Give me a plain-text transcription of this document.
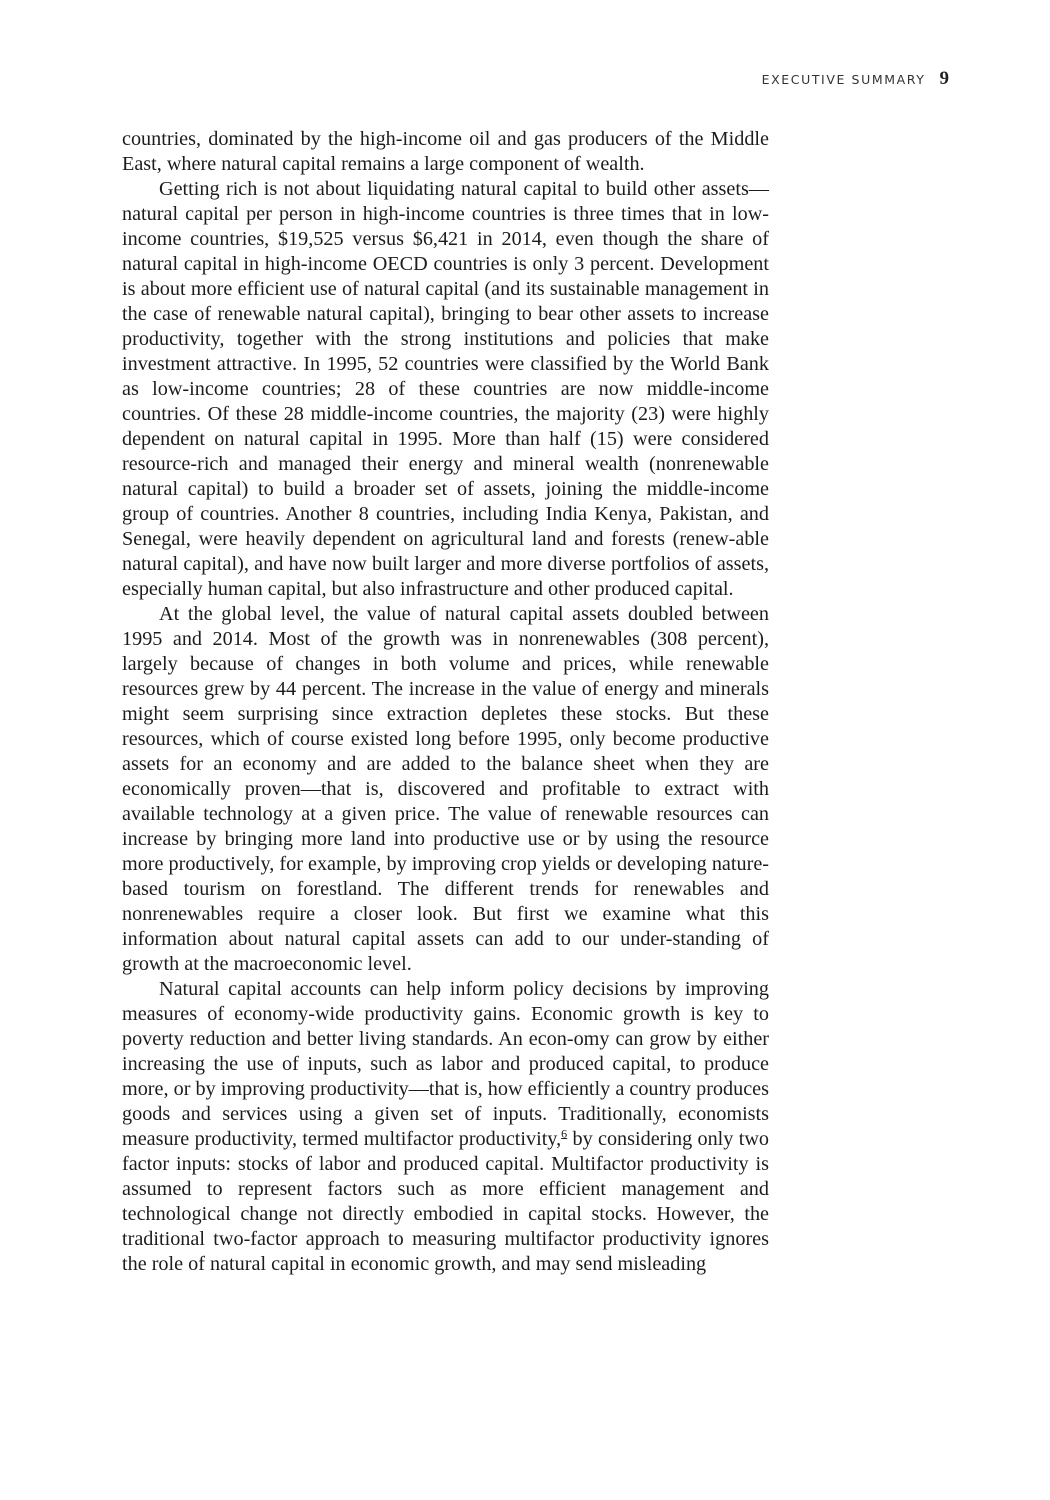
EXECUTIVE SUMMARY 9

countries, dominated by the high-income oil and gas producers of the Middle East, where natural capital remains a large component of wealth.

Getting rich is not about liquidating natural capital to build other assets—natural capital per person in high-income countries is three times that in low-income countries, $19,525 versus $6,421 in 2014, even though the share of natural capital in high-income OECD countries is only 3 percent. Development is about more efficient use of natural capital (and its sustainable management in the case of renewable natural capital), bringing to bear other assets to increase productivity, together with the strong institutions and policies that make investment attractive. In 1995, 52 countries were classified by the World Bank as low-income countries; 28 of these countries are now middle-income countries. Of these 28 middle-income countries, the majority (23) were highly dependent on natural capital in 1995. More than half (15) were considered resource-rich and managed their energy and mineral wealth (nonrenewable natural capital) to build a broader set of assets, joining the middle-income group of countries. Another 8 countries, including India Kenya, Pakistan, and Senegal, were heavily dependent on agricultural land and forests (renew-able natural capital), and have now built larger and more diverse portfolios of assets, especially human capital, but also infrastructure and other produced capital.

At the global level, the value of natural capital assets doubled between 1995 and 2014. Most of the growth was in nonrenewables (308 percent), largely because of changes in both volume and prices, while renewable resources grew by 44 percent. The increase in the value of energy and minerals might seem surprising since extraction depletes these stocks. But these resources, which of course existed long before 1995, only become productive assets for an economy and are added to the balance sheet when they are economically proven—that is, discovered and profitable to extract with available technology at a given price. The value of renewable resources can increase by bringing more land into productive use or by using the resource more productively, for example, by improving crop yields or developing nature-based tourism on forestland. The different trends for renewables and nonrenewables require a closer look. But first we examine what this information about natural capital assets can add to our under-standing of growth at the macroeconomic level.

Natural capital accounts can help inform policy decisions by improving measures of economy-wide productivity gains. Economic growth is key to poverty reduction and better living standards. An econ-omy can grow by either increasing the use of inputs, such as labor and produced capital, to produce more, or by improving productivity—that is, how efficiently a country produces goods and services using a given set of inputs. Traditionally, economists measure productivity, termed multifactor productivity,$^6$ by considering only two factor inputs: stocks of labor and produced capital. Multifactor productivity is assumed to represent factors such as more efficient management and technological change not directly embodied in capital stocks. However, the traditional two-factor approach to measuring multifactor productivity ignores the role of natural capital in economic growth, and may send misleading
